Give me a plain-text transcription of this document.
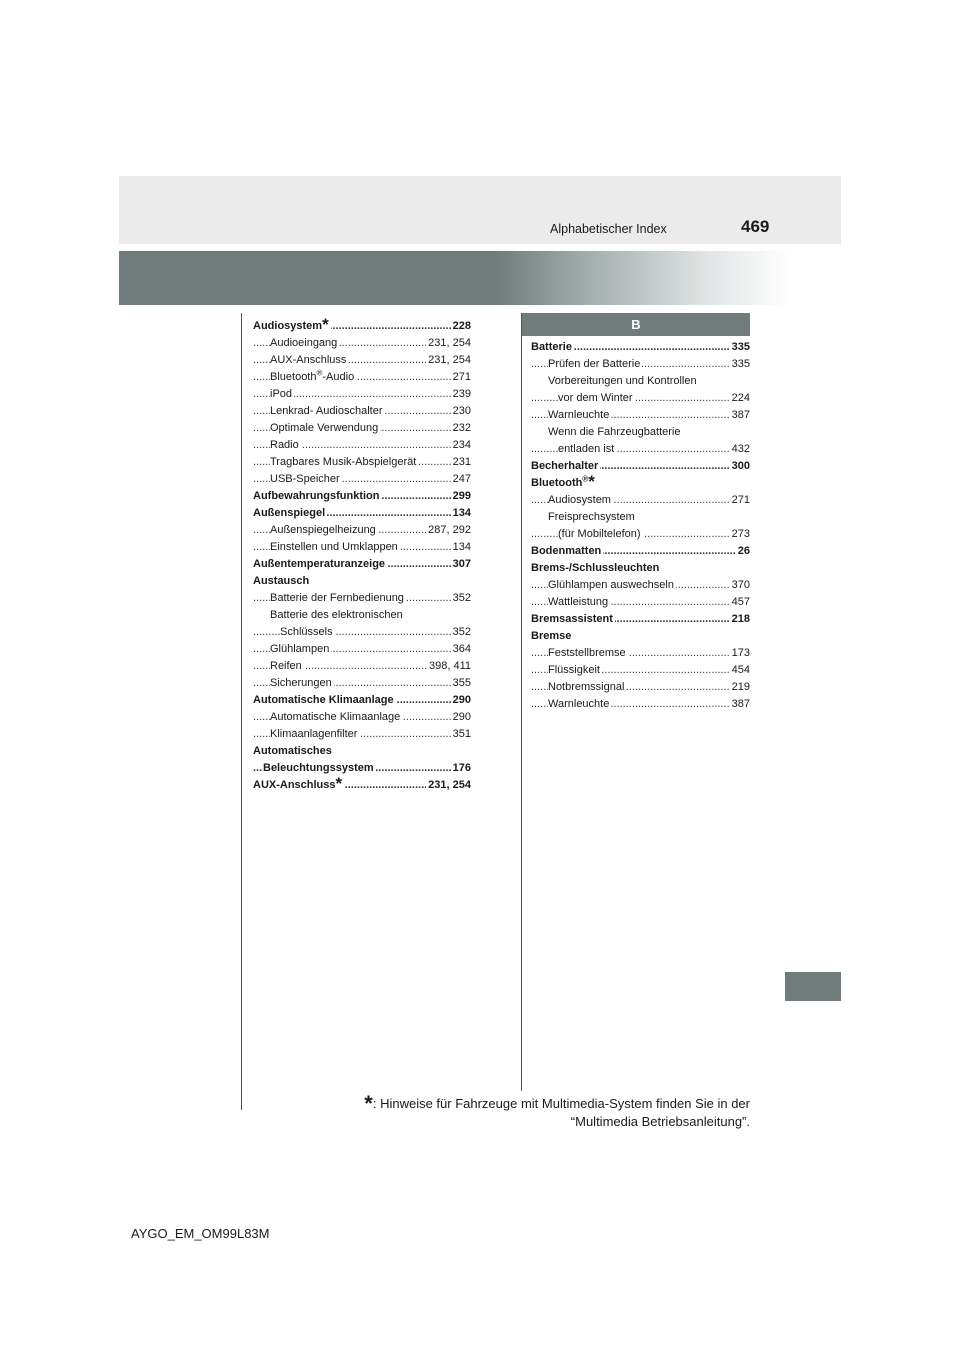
Alphabetischer Index	469
B
.....
Audiosystem*	228
.....
Audioeingang	231, 254
.....
AUX-Anschluss	231, 254
.....
Bluetooth®-Audio	271
.....
iPod	239
.....
Lenkrad- Audioschalter	230
.....
Optimale Verwendung	232
.....
Radio	234
.....
Tragbares Musik-Abspielgerät	231
.....
USB-Speicher	247
.....
Aufbewahrungsfunktion	299
.....
Außenspiegel	134
.....
Außenspiegelheizung	287, 292
.....
Einstellen und Umklappen	134
.....
Außentemperaturanzeige	307
Austausch
.....
Batterie der Fernbedienung	352
Batterie des elektronischen
.....
Schlüssels	352
.....
Glühlampen	364
.....
Reifen	398, 411
.....
Sicherungen	355
.....
Automatische Klimaanlage	290
.....
Automatische Klimaanlage	290
.....
Klimaanlagenfilter	351
Automatisches
.....
Beleuchtungssystem	176
.....
AUX-Anschluss*	231, 254
.....
Batterie	335
.....
Prüfen der Batterie	335
Vorbereitungen und Kontrollen
.....
vor dem Winter	224
.....
Warnleuchte	387
Wenn die Fahrzeugbatterie
.....
entladen ist	432
.....
Becherhalter	300
Bluetooth®*
.....
Audiosystem	271
Freisprechsystem
.....
(für Mobiltelefon)	273
.....
Bodenmatten	26
Brems-/Schlussleuchten
.....
Glühlampen auswechseln	370
.....
Wattleistung	457
.....
Bremsassistent	218
Bremse
.....
Feststellbremse	173
.....
Flüssigkeit	454
.....
Notbremssignal	219
.....
Warnleuchte	387
*: Hinweise für Fahrzeuge mit Multimedia-System finden Sie in der
“Multimedia Betriebsanleitung”.
AYGO_EM_OM99L83M
